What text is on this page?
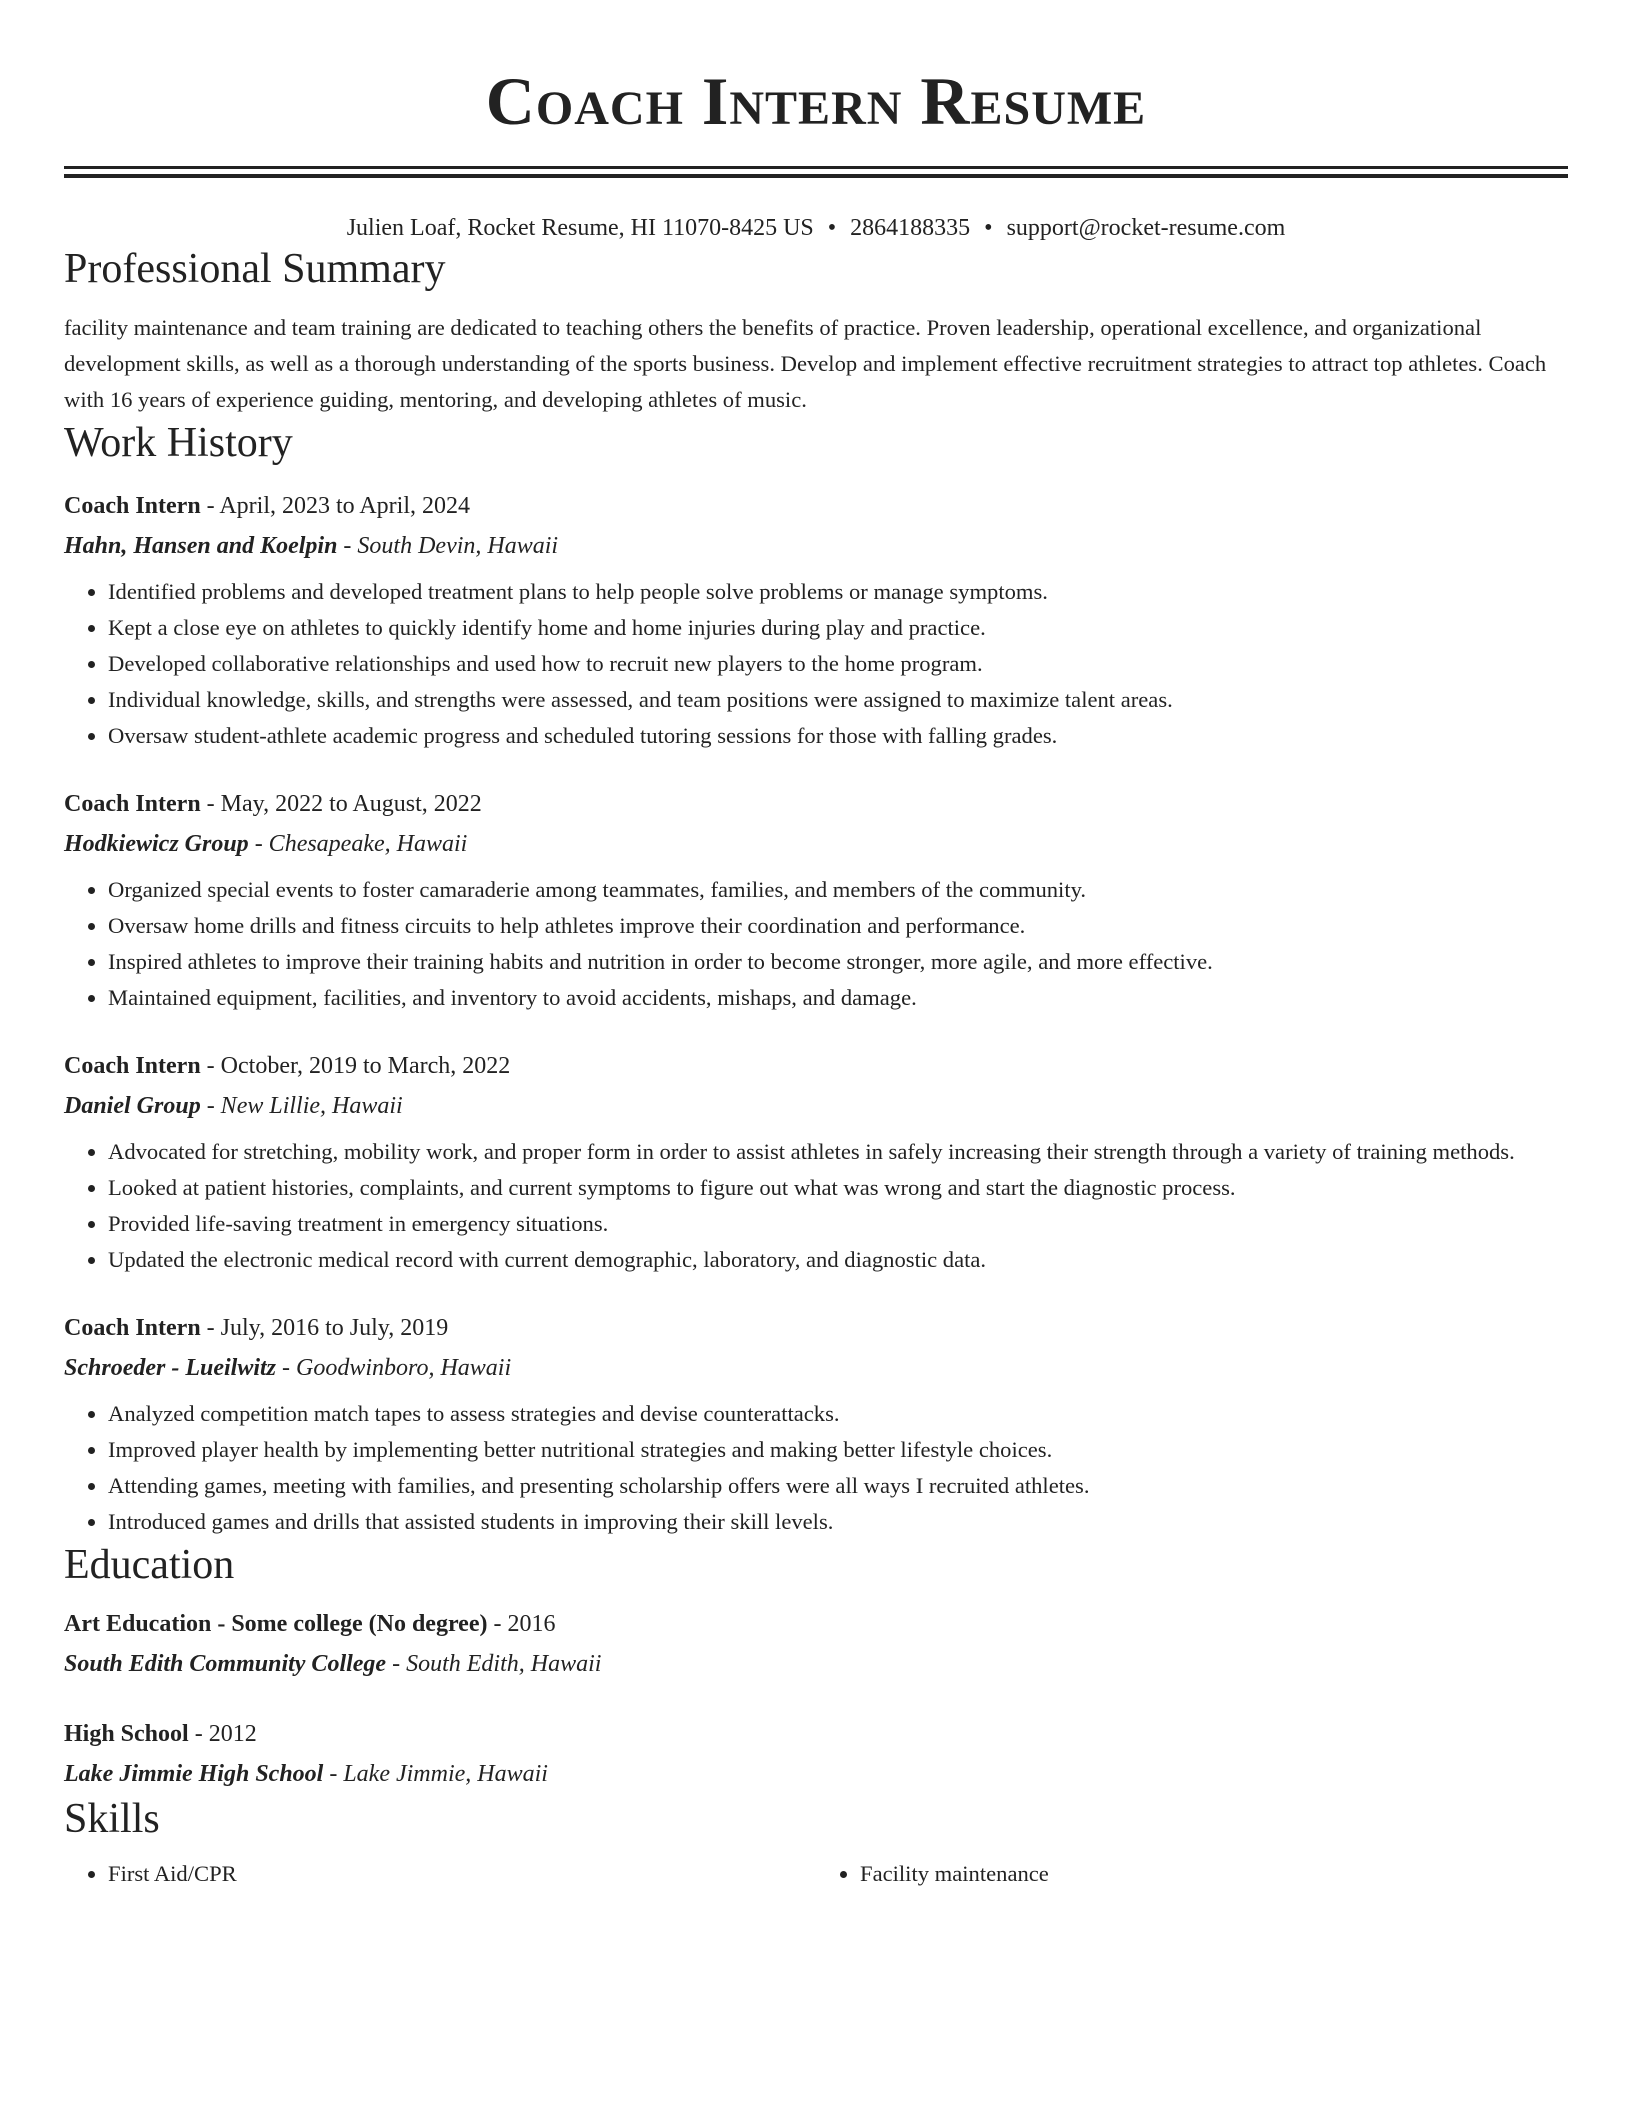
Coach Intern Resume
Julien Loaf, Rocket Resume, HI 11070-8425 US • 2864188335 • support@rocket-resume.com
Professional Summary
facility maintenance and team training are dedicated to teaching others the benefits of practice. Proven leadership, operational excellence, and organizational development skills, as well as a thorough understanding of the sports business. Develop and implement effective recruitment strategies to attract top athletes. Coach with 16 years of experience guiding, mentoring, and developing athletes of music.
Work History
Coach Intern - April, 2023 to April, 2024
Hahn, Hansen and Koelpin - South Devin, Hawaii
• Identified problems and developed treatment plans to help people solve problems or manage symptoms.
• Kept a close eye on athletes to quickly identify home and home injuries during play and practice.
• Developed collaborative relationships and used how to recruit new players to the home program.
• Individual knowledge, skills, and strengths were assessed, and team positions were assigned to maximize talent areas.
• Oversaw student-athlete academic progress and scheduled tutoring sessions for those with falling grades.
Coach Intern - May, 2022 to August, 2022
Hodkiewicz Group - Chesapeake, Hawaii
• Organized special events to foster camaraderie among teammates, families, and members of the community.
• Oversaw home drills and fitness circuits to help athletes improve their coordination and performance.
• Inspired athletes to improve their training habits and nutrition in order to become stronger, more agile, and more effective.
• Maintained equipment, facilities, and inventory to avoid accidents, mishaps, and damage.
Coach Intern - October, 2019 to March, 2022
Daniel Group - New Lillie, Hawaii
• Advocated for stretching, mobility work, and proper form in order to assist athletes in safely increasing their strength through a variety of training methods.
• Looked at patient histories, complaints, and current symptoms to figure out what was wrong and start the diagnostic process.
• Provided life-saving treatment in emergency situations.
• Updated the electronic medical record with current demographic, laboratory, and diagnostic data.
Coach Intern - July, 2016 to July, 2019
Schroeder - Lueilwitz - Goodwinboro, Hawaii
• Analyzed competition match tapes to assess strategies and devise counterattacks.
• Improved player health by implementing better nutritional strategies and making better lifestyle choices.
• Attending games, meeting with families, and presenting scholarship offers were all ways I recruited athletes.
• Introduced games and drills that assisted students in improving their skill levels.
Education
Art Education - Some college (No degree) - 2016
South Edith Community College - South Edith, Hawaii
High School - 2012
Lake Jimmie High School - Lake Jimmie, Hawaii
Skills
• First Aid/CPR
•	Facility maintenance
